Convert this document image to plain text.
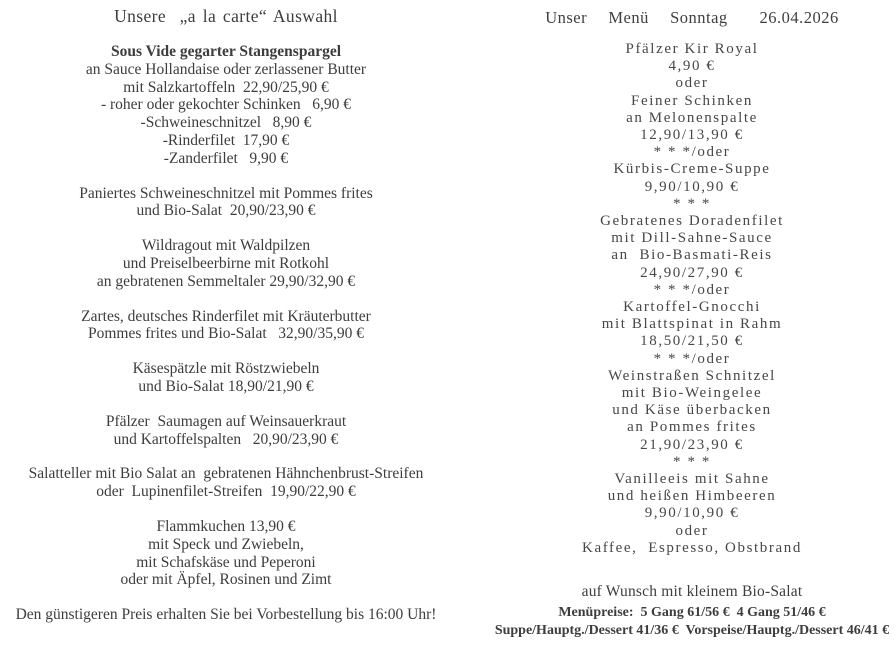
Unsere  „a la carte“ Auswahl
Sous Vide gegarter Stangenspargel
an Sauce Hollandaise oder zerlassener Butter
mit Salzkartoffeln  22,90/25,90 €
- roher oder gekochter Schinken   6,90 €
-Schweineschnitzel   8,90 €
-Rinderfilet  17,90 €
-Zanderfilet   9,90 €
Paniertes Schweineschnitzel mit Pommes frites
und Bio-Salat  20,90/23,90 €
Wildragout mit Waldpilzen
und Preiselbeerbirne mit Rotkohl
an gebratenen Semmeltaler 29,90/32,90 €
Zartes, deutsches Rinderfilet mit Kräuterbutter
Pommes frites und Bio-Salat   32,90/35,90 €
Käsespätzle mit Röstzwiebeln
und Bio-Salat 18,90/21,90 €
Pfälzer  Saumagen auf Weinsauerkraut
und Kartoffelspalten   20,90/23,90 €
Salatteller mit Bio Salat an  gebratenen Hähnchenbrust-Streifen
oder  Lupinenfilet-Streifen  19,90/22,90 €
Flammkuchen 13,90 €
mit Speck und Zwiebeln,
mit Schafskäse und Peperoni
oder mit Äpfel, Rosinen und Zimt
Den günstigeren Preis erhalten Sie bei Vorbestellung bis 16:00 Uhr!
Unser  Menü  Sonntag   26.04.2026
Pfälzer Kir Royal
4,90 €
oder
Feiner Schinken
an Melonenspalte
12,90/13,90 €
* * */oder
Kürbis-Creme-Suppe
9,90/10,90 €
* * *
Gebratenes Doradenfilet
mit Dill-Sahne-Sauce
an  Bio-Basmati-Reis
24,90/27,90 €
* * */oder
Kartoffel-Gnocchi
mit Blattspinat in Rahm
18,50/21,50 €
* * */oder
Weinstraßen Schnitzel
mit Bio-Weingelee
und Käse überbacken
an Pommes frites
21,90/23,90 €
* * *
Vanilleeis mit Sahne
und heißen Himbeeren
9,90/10,90 €
oder
Kaffee,  Espresso, Obstbrand
auf Wunsch mit kleinem Bio-Salat
Menüpreise:  5 Gang 61/56 €  4 Gang 51/46 €
Suppe/Hauptg./Dessert 41/36 €  Vorspeise/Hauptg./Dessert 46/41 €
